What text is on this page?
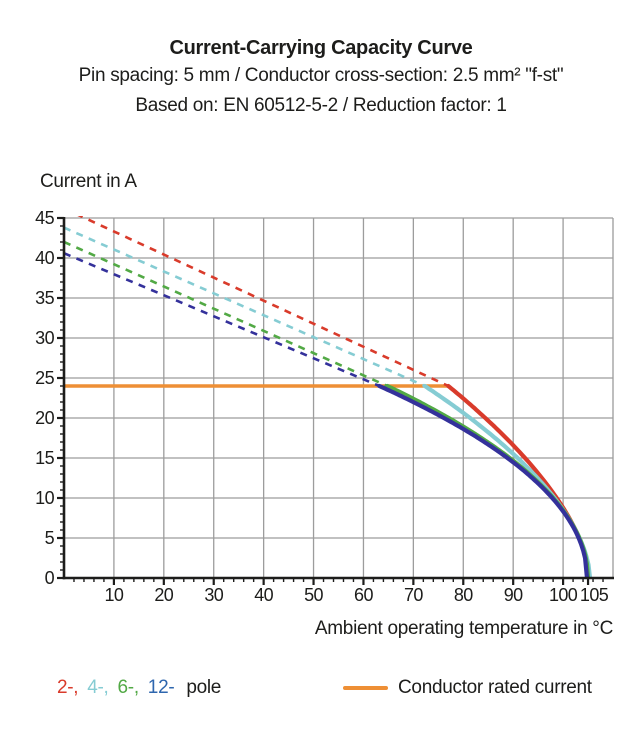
Current-Carrying Capacity Curve
Pin spacing: 5 mm / Conductor cross-section: 2.5 mm² "f-st"
Based on: EN 60512-5-2 / Reduction factor: 1
Current in A
10 20 30 40 50 60 70 80 90 100 105
0
5
10
15
20
25
30
35
40
45
Ambient operating temperature in °C
2-, 4-, 6-, 12- pole	Conductor rated current
